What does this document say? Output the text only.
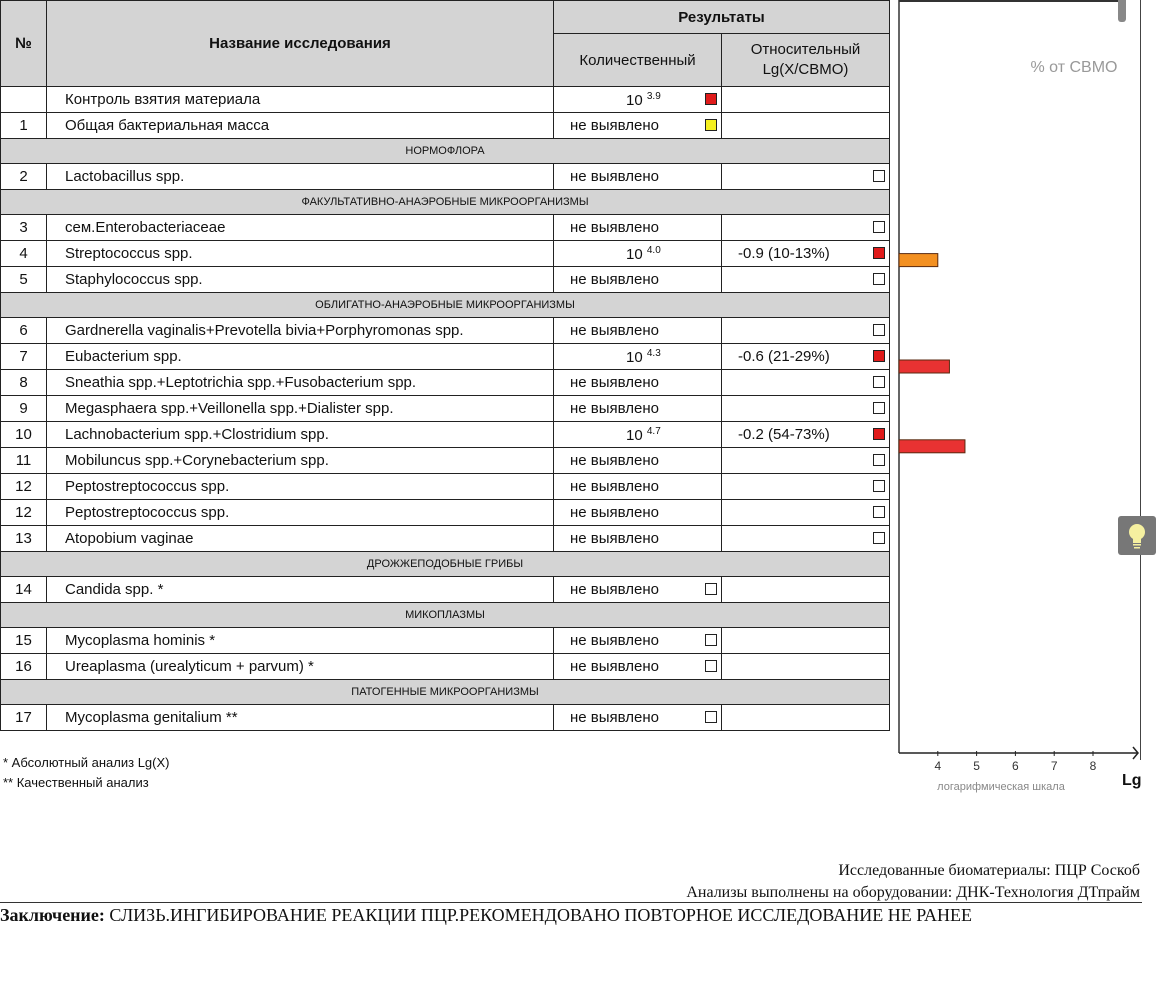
№	Название исследования	Результаты	
		Количественный	Относительный
Lg(X/СВМО)
	Контроль взятия материала	10 $^{3.9}$

1	Общая бактериальная масса	не выявлено

НОРМОФЛОРА			
2	Lactobacillus spp.	не выявлено	

ФАКУЛЬТАТИВНО-АНАЭРОБНЫЕ МИКРООРГАНИЗМЫ			
3	сем.Enterobacteriaceae	не выявлено	

4	Streptococcus spp.	10 $^{4.0}$	-0.9 (10-13%)

5	Staphylococcus spp.	не выявлено	

ОБЛИГАТНО-АНАЭРОБНЫЕ МИКРООРГАНИЗМЫ			
6	Gardnerella vaginalis+Prevotella bivia+Porphyromonas spp.	не выявлено	

7	Eubacterium spp.	10 $^{4.3}$	-0.6 (21-29%)

8	Sneathia spp.+Leptotrichia spp.+Fusobacterium spp.	не выявлено	

9	Megasphaera spp.+Veillonella spp.+Dialister spp.	не выявлено	

10	Lachnobacterium spp.+Clostridium spp.	10 $^{4.7}$	-0.2 (54-73%)

11	Mobiluncus spp.+Corynebacterium spp.	не выявлено	

12	Peptostreptococcus spp.	не выявлено	

12	Peptostreptococcus spp.	не выявлено	

13	Atopobium vaginae	не выявлено	

ДРОЖЖЕПОДОБНЫЕ ГРИБЫ			
14	Candida spp. *	не выявлено

МИКОПЛАЗМЫ			
15	Mycoplasma hominis *	не выявлено

16	Ureaplasma (urealyticum + parvum) *	не выявлено

ПАТОГЕННЫЕ МИКРООРГАНИЗМЫ			
17	Mycoplasma genitalium **	не выявлено

* Абсолютный анализ Lg(X)
** Качественный анализ
% от СВМО
4	5	6	7	8
логарифмическая шкала	Lg
Исследованные биоматериалы: ПЦР Соскоб
Анализы выполнены на оборудовании: ДНК-Технология ДТпрайм
Заключение: СЛИЗЬ.ИНГИБИРОВАНИЕ РЕАКЦИИ ПЦР.РЕКОМЕНДОВАНО ПОВТОРНОЕ ИССЛЕДОВАНИЕ НЕ РАНЕЕ
